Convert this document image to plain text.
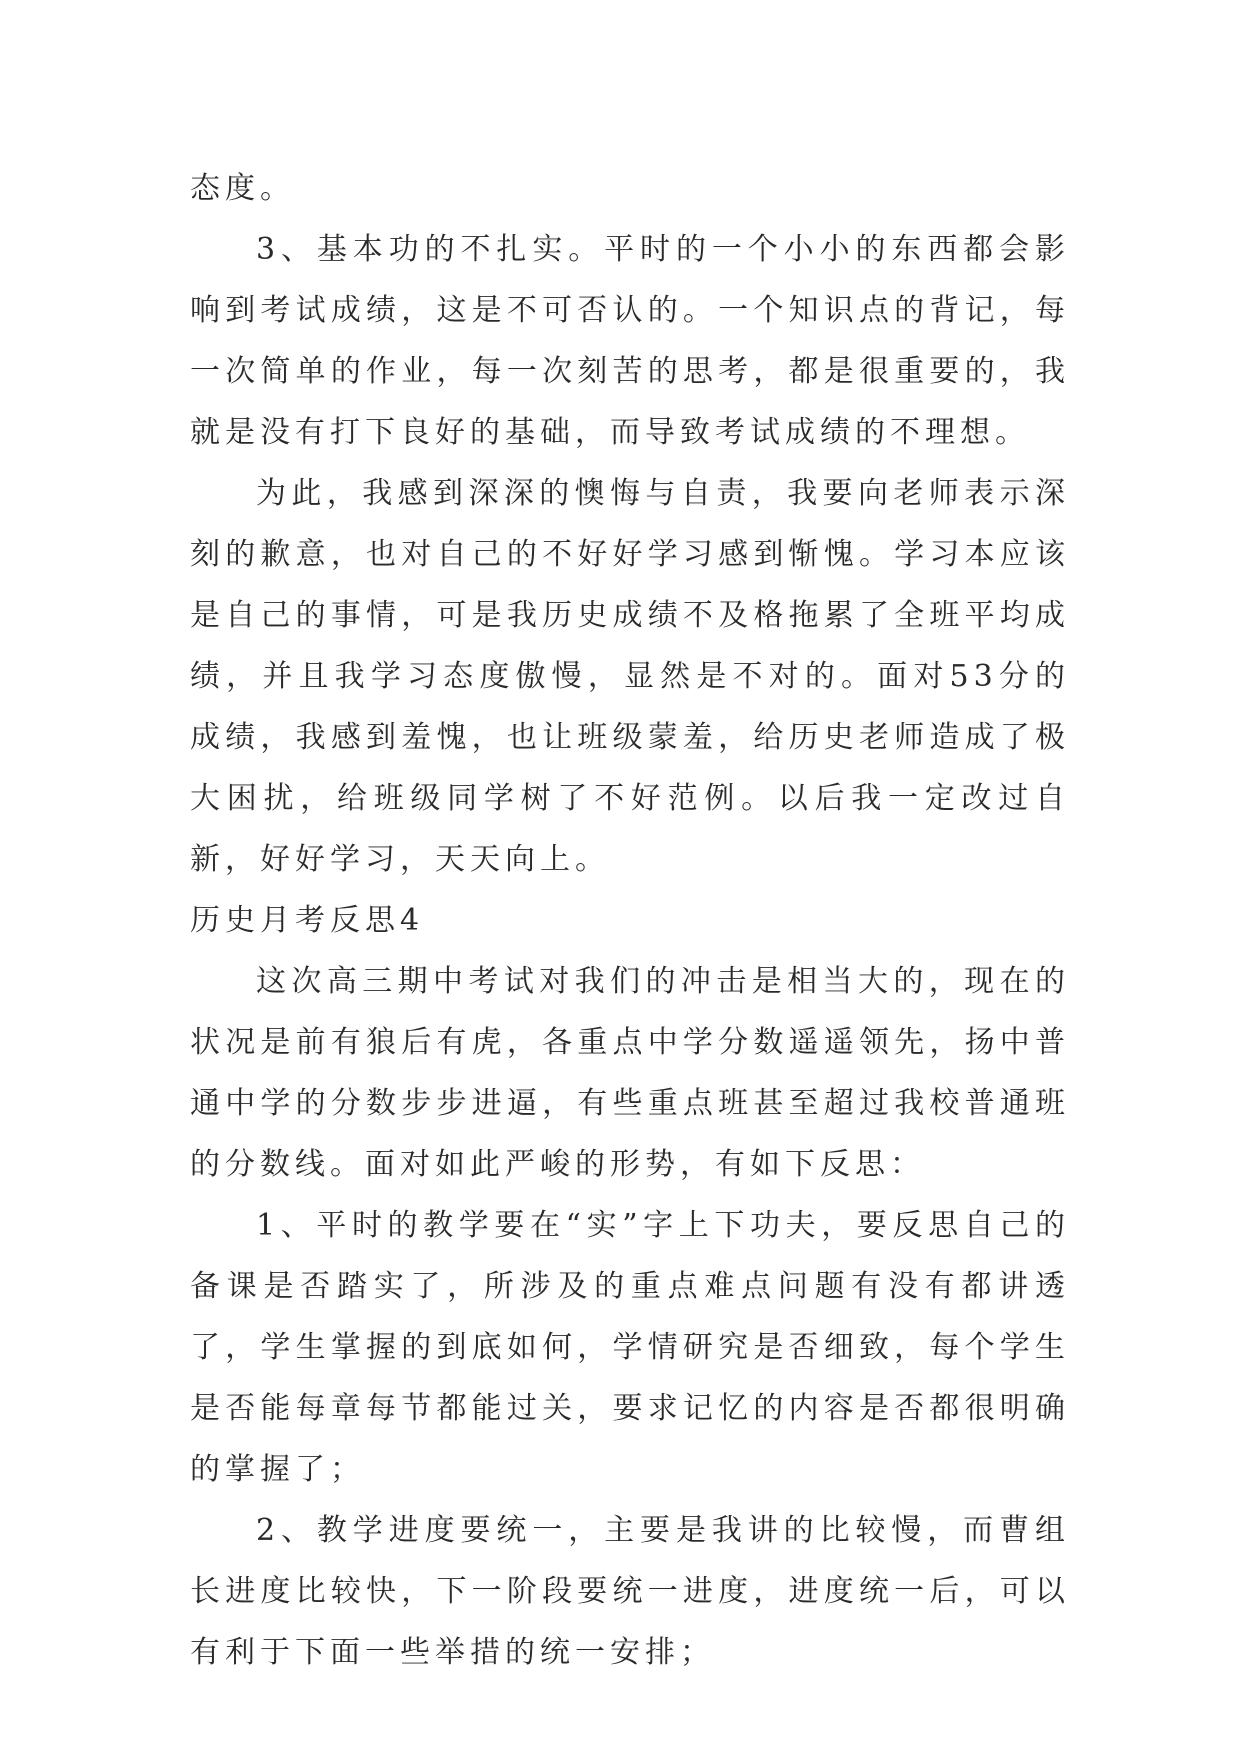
态度。

3、基本功的不扎实。平时的一个小小的东西都会影响到考试成绩，这是不可否认的。一个知识点的背记，每一次简单的作业，每一次刻苦的思考，都是很重要的，我就是没有打下良好的基础，而导致考试成绩的不理想。

为此，我感到深深的懊悔与自责，我要向老师表示深刻的歉意，也对自己的不好好学习感到惭愧。学习本应该是自己的事情，可是我历史成绩不及格拖累了全班平均成绩，并且我学习态度傲慢，显然是不对的。面对53分的成绩，我感到羞愧，也让班级蒙羞，给历史老师造成了极大困扰，给班级同学树了不好范例。以后我一定改过自新，好好学习，天天向上。

历史月考反思4

这次高三期中考试对我们的冲击是相当大的，现在的状况是前有狼后有虎，各重点中学分数遥遥领先，扬中普通中学的分数步步进逼，有些重点班甚至超过我校普通班的分数线。面对如此严峻的形势，有如下反思：

1、平时的教学要在“实”字上下功夫，要反思自己的备课是否踏实了，所涉及的重点难点问题有没有都讲透了，学生掌握的到底如何，学情研究是否细致，每个学生是否能每章每节都能过关，要求记忆的内容是否都很明确的掌握了；

2、教学进度要统一，主要是我讲的比较慢，而曹组长进度比较快，下一阶段要统一进度，进度统一后，可以有利于下面一些举措的统一安排；
